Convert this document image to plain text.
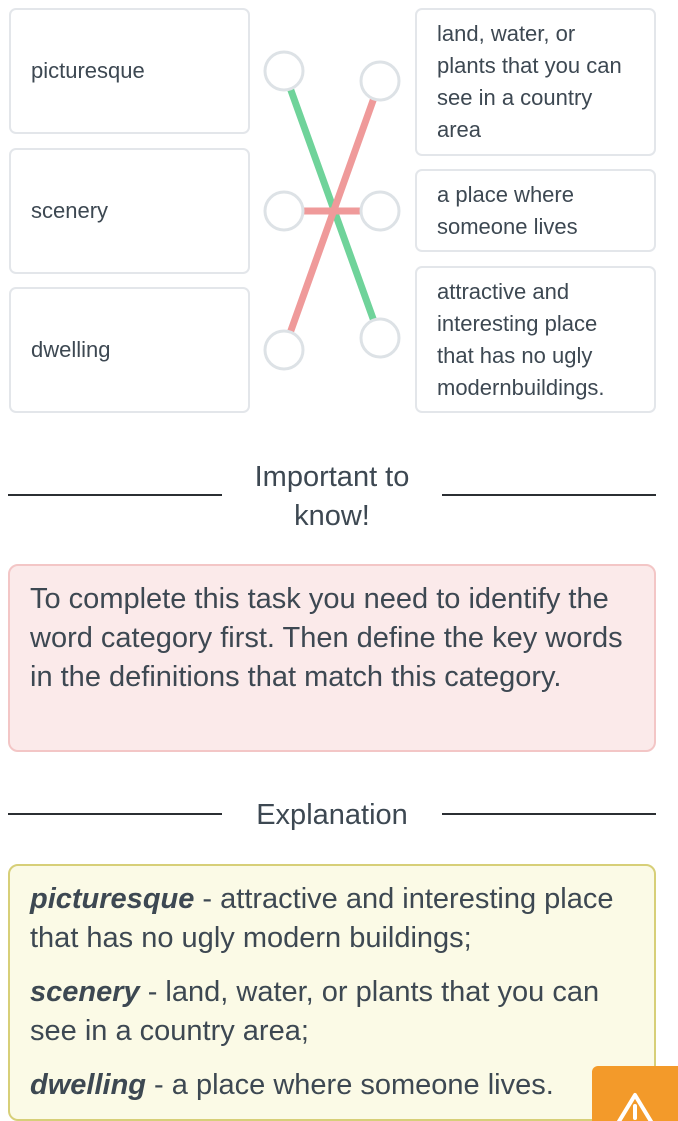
picturesque
scenery
dwelling
land, water, or plants that you can see in a country area
a place where someone lives
attractive and interesting place that has no ugly modernbuildings.
Important to know!
To complete this task you need to identify the word category first. Then define the key words in the definitions that match this category.
Explanation

picturesque - attractive and interesting place that has no ugly modern buildings;

scenery - land, water, or plants that you can see in a country area;

dwelling - a place where someone lives.
